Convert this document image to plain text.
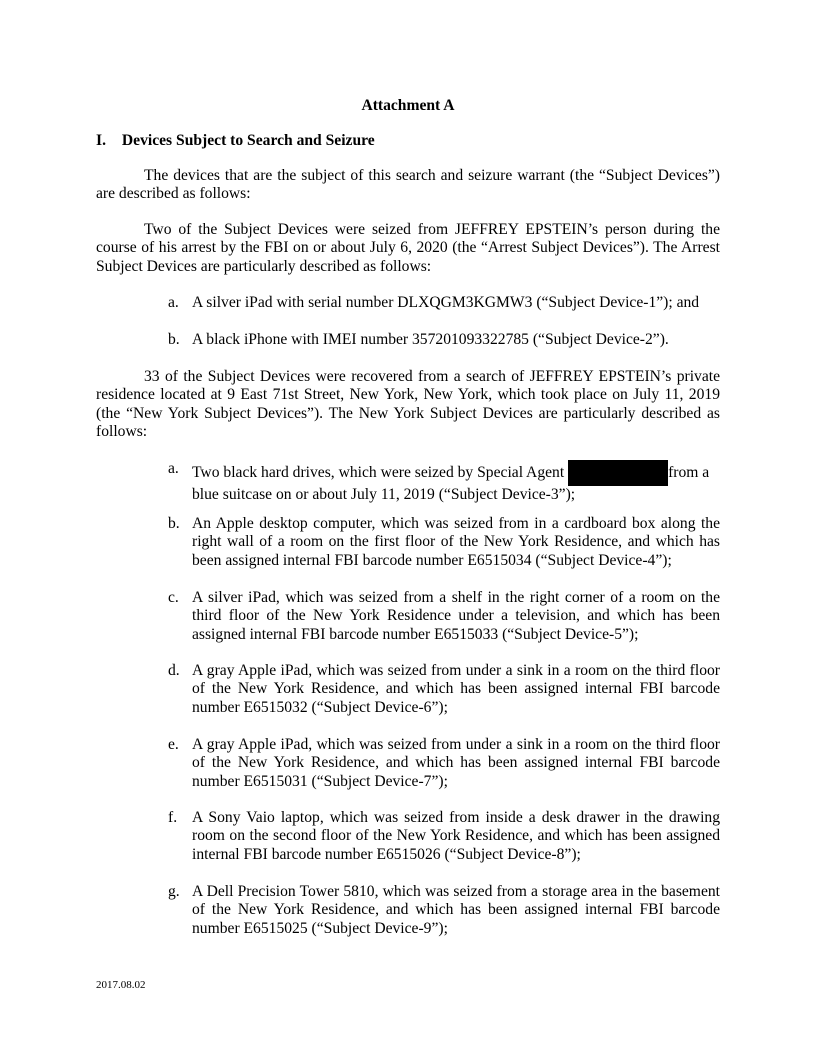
Attachment A
I. Devices Subject to Search and Seizure

The devices that are the subject of this search and seizure warrant (the “Subject Devices”) are described as follows:

Two of the Subject Devices were seized from JEFFREY EPSTEIN’s person during the course of his arrest by the FBI on or about July 6, 2020 (the “Arrest Subject Devices”). The Arrest Subject Devices are particularly described as follows:

a. A silver iPad with serial number DLXQGM3KGMW3 (“Subject Device-1”); and
b. A black iPhone with IMEI number 357201093322785 (“Subject Device-2”).

33 of the Subject Devices were recovered from a search of JEFFREY EPSTEIN’s private residence located at 9 East 71st Street, New York, New York, which took place on July 11, 2019 (the “New York Subject Devices”). The New York Subject Devices are particularly described as follows:

a. Two black hard drives, which were seized by Special Agent	from a blue suitcase on or about July 11, 2019 (“Subject Device-3”);
b. An Apple desktop computer, which was seized from in a cardboard box along the right wall of a room on the first floor of the New York Residence, and which has been assigned internal FBI barcode number E6515034 (“Subject Device-4”);
c. A silver iPad, which was seized from a shelf in the right corner of a room on the third floor of the New York Residence under a television, and which has been assigned internal FBI barcode number E6515033 (“Subject Device-5”);
d. A gray Apple iPad, which was seized from under a sink in a room on the third floor of the New York Residence, and which has been assigned internal FBI barcode number E6515032 (“Subject Device-6”);
e. A gray Apple iPad, which was seized from under a sink in a room on the third floor of the New York Residence, and which has been assigned internal FBI barcode number E6515031 (“Subject Device-7”);
f. A Sony Vaio laptop, which was seized from inside a desk drawer in the drawing room on the second floor of the New York Residence, and which has been assigned internal FBI barcode number E6515026 (“Subject Device-8”);
g. A Dell Precision Tower 5810, which was seized from a storage area in the basement of the New York Residence, and which has been assigned internal FBI barcode number E6515025 (“Subject Device-9”);
2017.08.02
